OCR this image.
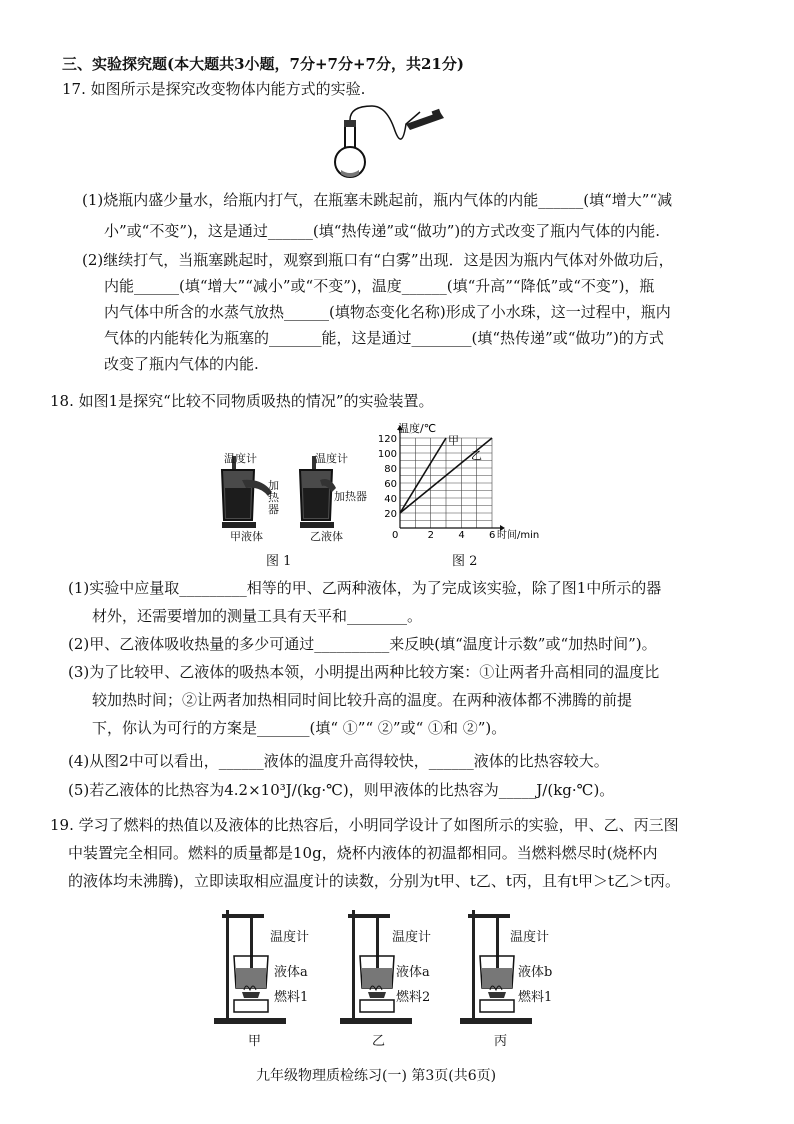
三、实验探究题(本大题共3小题，7分+7分+7分，共21分)
17. 如图所示是探究改变物体内能方式的实验.
(1)烧瓶内盛少量水，给瓶内打气，在瓶塞未跳起前，瓶内气体的内能______(填“增大”“减
小”或“不变”)，这是通过______(填“热传递”或“做功”)的方式改变了瓶内气体的内能.
(2)继续打气，当瓶塞跳起时，观察到瓶口有“白雾”出现．这是因为瓶内气体对外做功后，
内能______(填“增大”“减小”或“不变”)，温度______(填“升高”“降低”或“不变”)，瓶
内气体中所含的水蒸气放热______(填物态变化名称)形成了小水珠，这一过程中，瓶内
气体的内能转化为瓶塞的_______能，这是通过________(填“热传递”或“做功”)的方式
改变了瓶内气体的内能.
18. 如图1是探究“比较不同物质吸热的情况”的实验装置。
温度计	温度计
加热器
加热器
甲液体	乙液体
图 1
2 4 6
20
40
60
80
100
120	甲
乙
温度/℃
时间/min
0
图 2
(1)实验中应量取_________相等的甲、乙两种液体，为了完成该实验，除了图1中所示的器
材外，还需要增加的测量工具有天平和________。
(2)甲、乙液体吸收热量的多少可通过__________来反映(填“温度计示数”或“加热时间”)。
(3)为了比较甲、乙液体的吸热本领，小明提出两种比较方案：①让两者升高相同的温度比
较加热时间；②让两者加热相同时间比较升高的温度。在两种液体都不沸腾的前提
下，你认为可行的方案是_______(填“ ①”“ ②”或“ ①和 ②”)。
(4)从图2中可以看出，______液体的温度升高得较快，______液体的比热容较大。
(5)若乙液体的比热容为4.2×10³J/(kg·℃)，则甲液体的比热容为_____J/(kg·℃)。
19. 学习了燃料的热值以及液体的比热容后，小明同学设计了如图所示的实验，甲、乙、丙三图
中装置完全相同。燃料的质量都是10g，烧杯内液体的初温都相同。当燃料燃尽时(烧杯内
的液体均未沸腾)，立即读取相应温度计的读数，分别为t甲、t乙、t丙，且有t甲＞t乙＞t丙。
温度计
液体a
燃料1
甲
温度计
液体a
燃料2
乙
温度计
液体b
燃料1
丙
九年级物理质检练习(一) 第3页(共6页)
